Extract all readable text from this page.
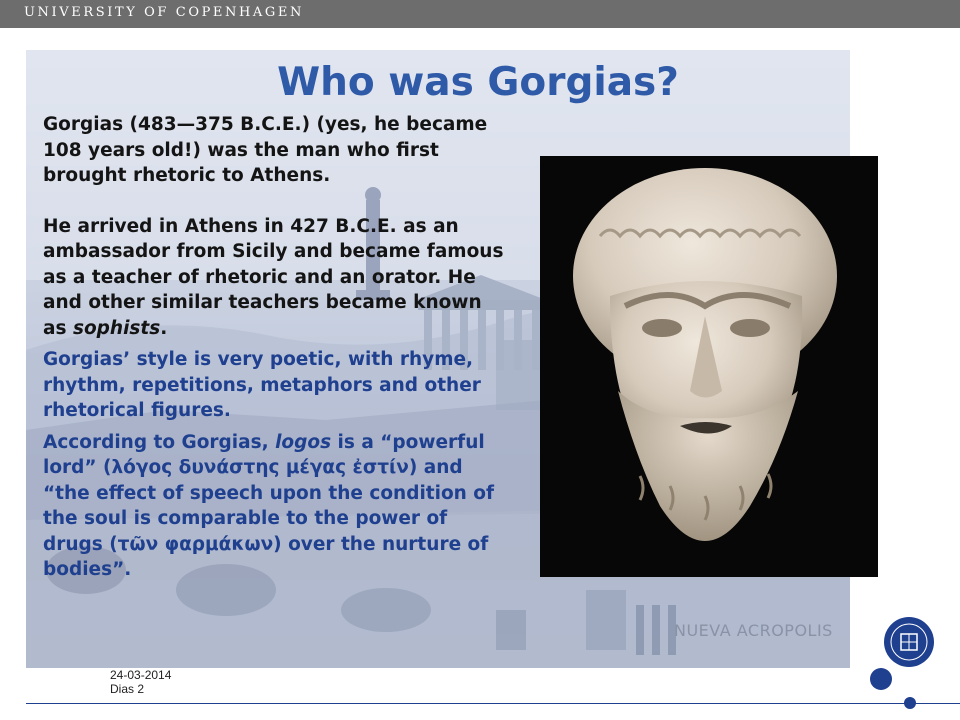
UNIVERSITY OF COPENHAGEN
Who was Gorgias?

Gorgias (483—375 B.C.E.) (yes, he became 108 years old!) was the man who first brought rhetoric to Athens.

He arrived in Athens in 427 B.C.E. as an ambassador from Sicily and became famous as a teacher of rhetoric and an orator. He and other similar teachers became known as sophists.

Gorgias’ style is very poetic, with rhyme, rhythm, repetitions, metaphors and other rhetorical figures.

According to Gorgias, logos is a “powerful lord” (λόγος δυνάστης μέγας ἐστίν) and “the effect of speech upon the condition of the soul is comparable to the power of drugs (τῶν φαρμάκων) over the nurture of bodies”.

NUEVA ACROPOLIS
24-03-2014
Dias 2
